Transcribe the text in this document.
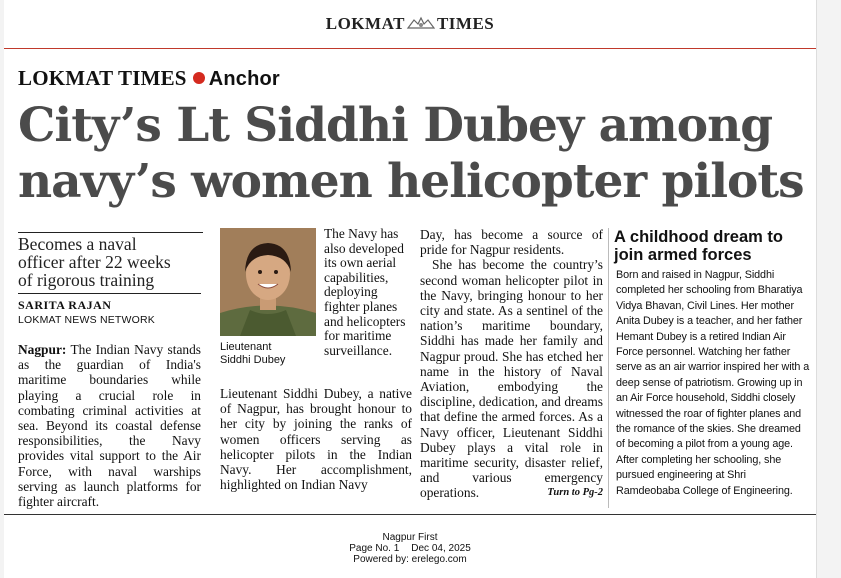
LOKMAT TIMES
LOKMAT TIMES Anchor
City’s Lt Siddhi Dubey among
navy’s women helicopter pilots
Becomes a naval
officer after 22 weeks
of rigorous training
SARITA RAJAN
LOKMAT NEWS NETWORK
Nagpur: The Indian Navy stands as the guardian of India's maritime boundaries while playing a crucial role in combating criminal activities at sea. Beyond its coastal defense responsibilities, the Navy provides vital support to the Air Force, with naval warships serving as launch platforms for fighter aircraft.
Lieutenant
Siddhi Dubey
The Navy has also developed its own aerial capabilities, deploying fighter planes and helicopters for maritime surveillance.
Lieutenant Siddhi Dubey, a native of Nagpur, has brought honour to her city by joining the ranks of women officers serving as helicopter pilots in the Indian Navy. Her accomplishment, highlighted on Indian Navy
Day, has become a source of pride for Nagpur residents.
She has become the country’s second woman helicopter pilot in the Navy, bringing honour to her city and state. As a sentinel of the nation’s maritime boundary, Siddhi has made her family and Nagpur proud. She has etched her name in the history of Naval Aviation, embodying the discipline, dedication, and dreams that define the armed forces. As a Navy officer, Lieutenant Siddhi Dubey plays a vital role in maritime security, disaster relief, and various emergency operations.	Turn to Pg-2
A childhood dream to join armed forces
Born and raised in Nagpur, Siddhi completed her schooling from Bharatiya Vidya Bhavan, Civil Lines. Her mother Anita Dubey is a teacher, and her father Hemant Dubey is a retired Indian Air Force personnel. Watching her father serve as an air warrior inspired her with a deep sense of patriotism. Growing up in an Air Force household, Siddhi closely witnessed the roar of fighter planes and the romance of the skies. She dreamed of becoming a pilot from a young age. After completing her schooling, she pursued engineering at Shri Ramdeobaba College of Engineering.
Nagpur First
Page No. 1 Dec 04, 2025
Powered by: erelego.com
